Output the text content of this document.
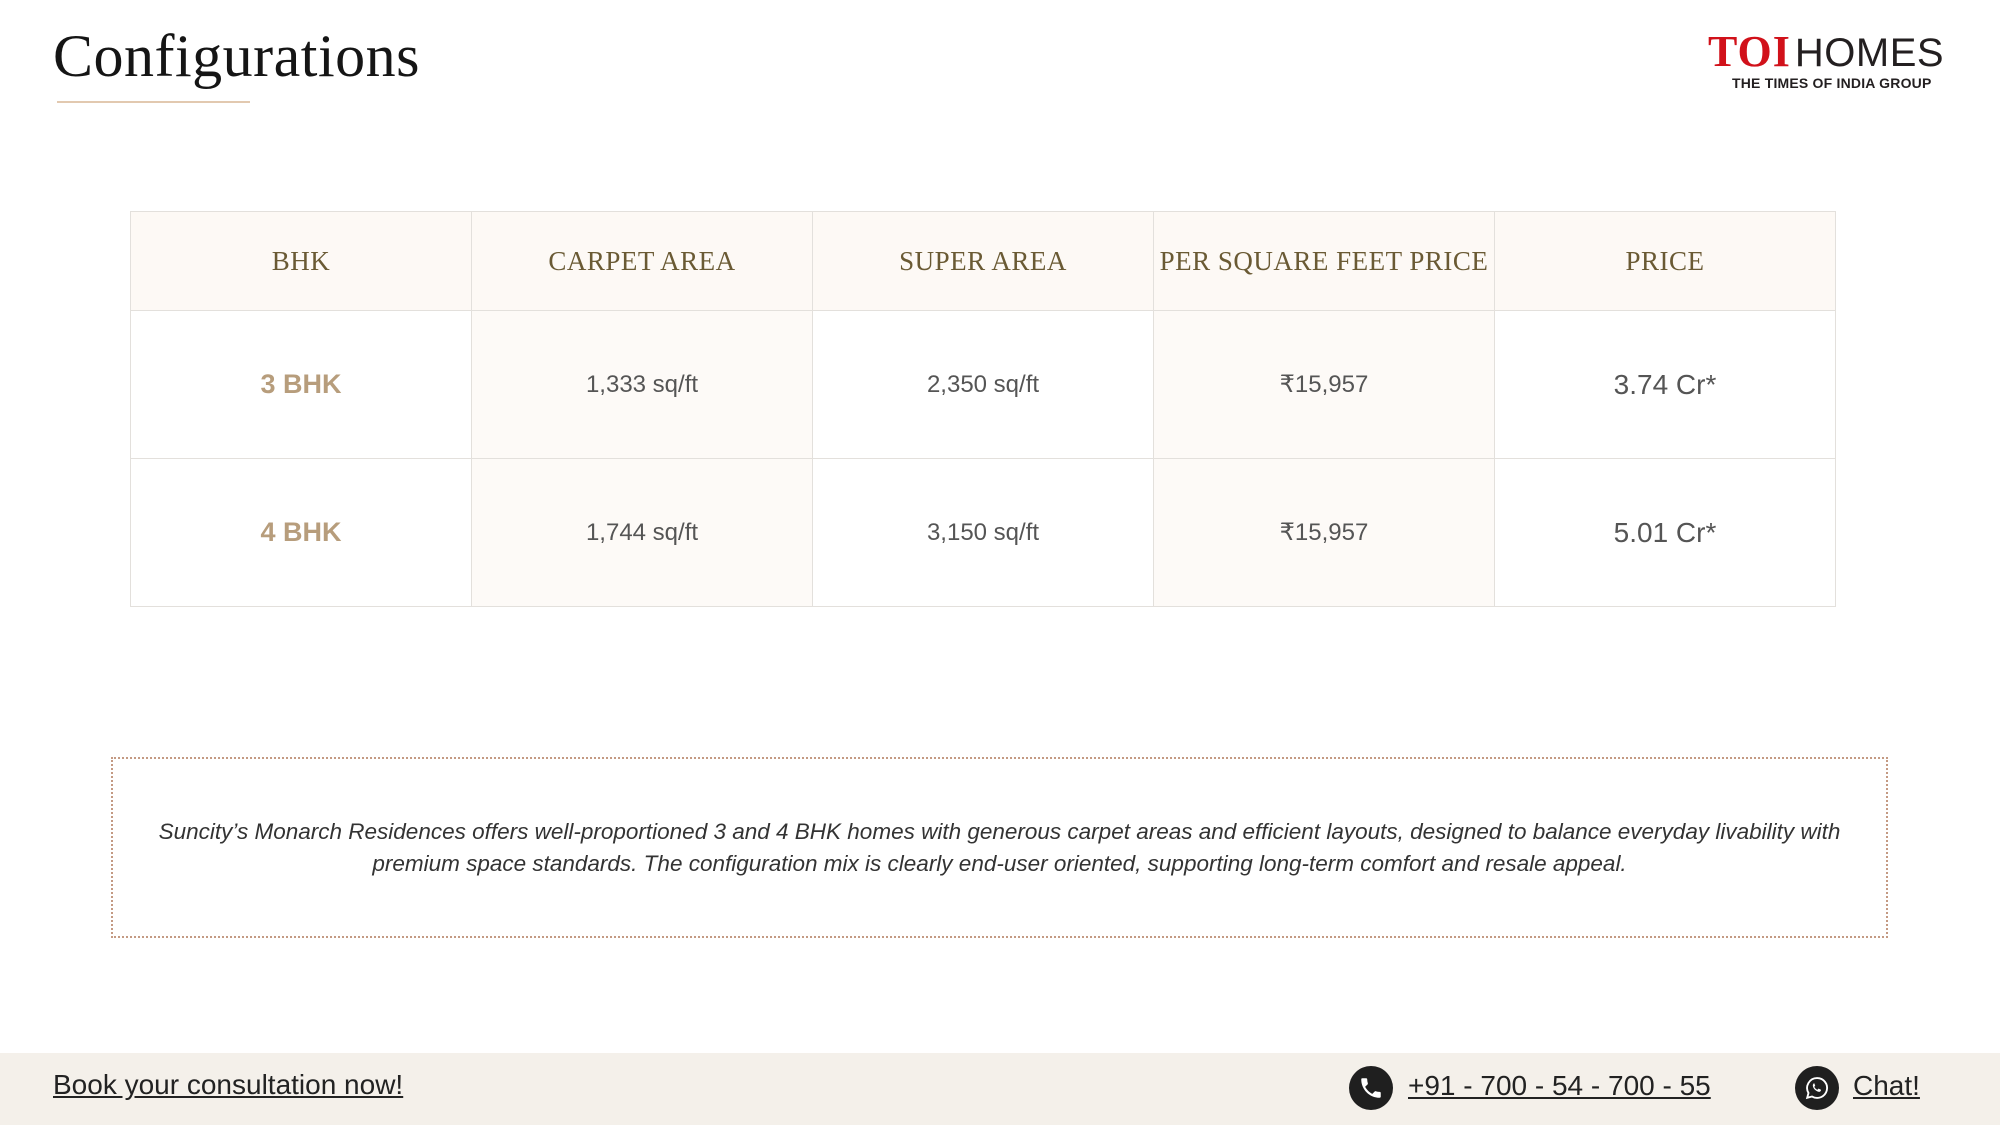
Configurations	TOI HOMES
THE TIMES OF INDIA GROUP
BHK	CARPET AREA	SUPER AREA	PER SQUARE FEET PRICE	PRICE
3 BHK	1,333 sq/ft	2,350 sq/ft	₹15,957	3.74 Cr*
4 BHK	1,744 sq/ft	3,150 sq/ft	₹15,957	5.01 Cr*

Suncity’s Monarch Residences offers well-proportioned 3 and 4 BHK homes with generous carpet areas and efficient layouts, designed to balance everyday livability with premium space standards. The configuration mix is clearly end-user oriented, supporting long-term comfort and resale appeal.

Book your consultation now!	+91 - 700 - 54 - 700 - 55	Chat!
